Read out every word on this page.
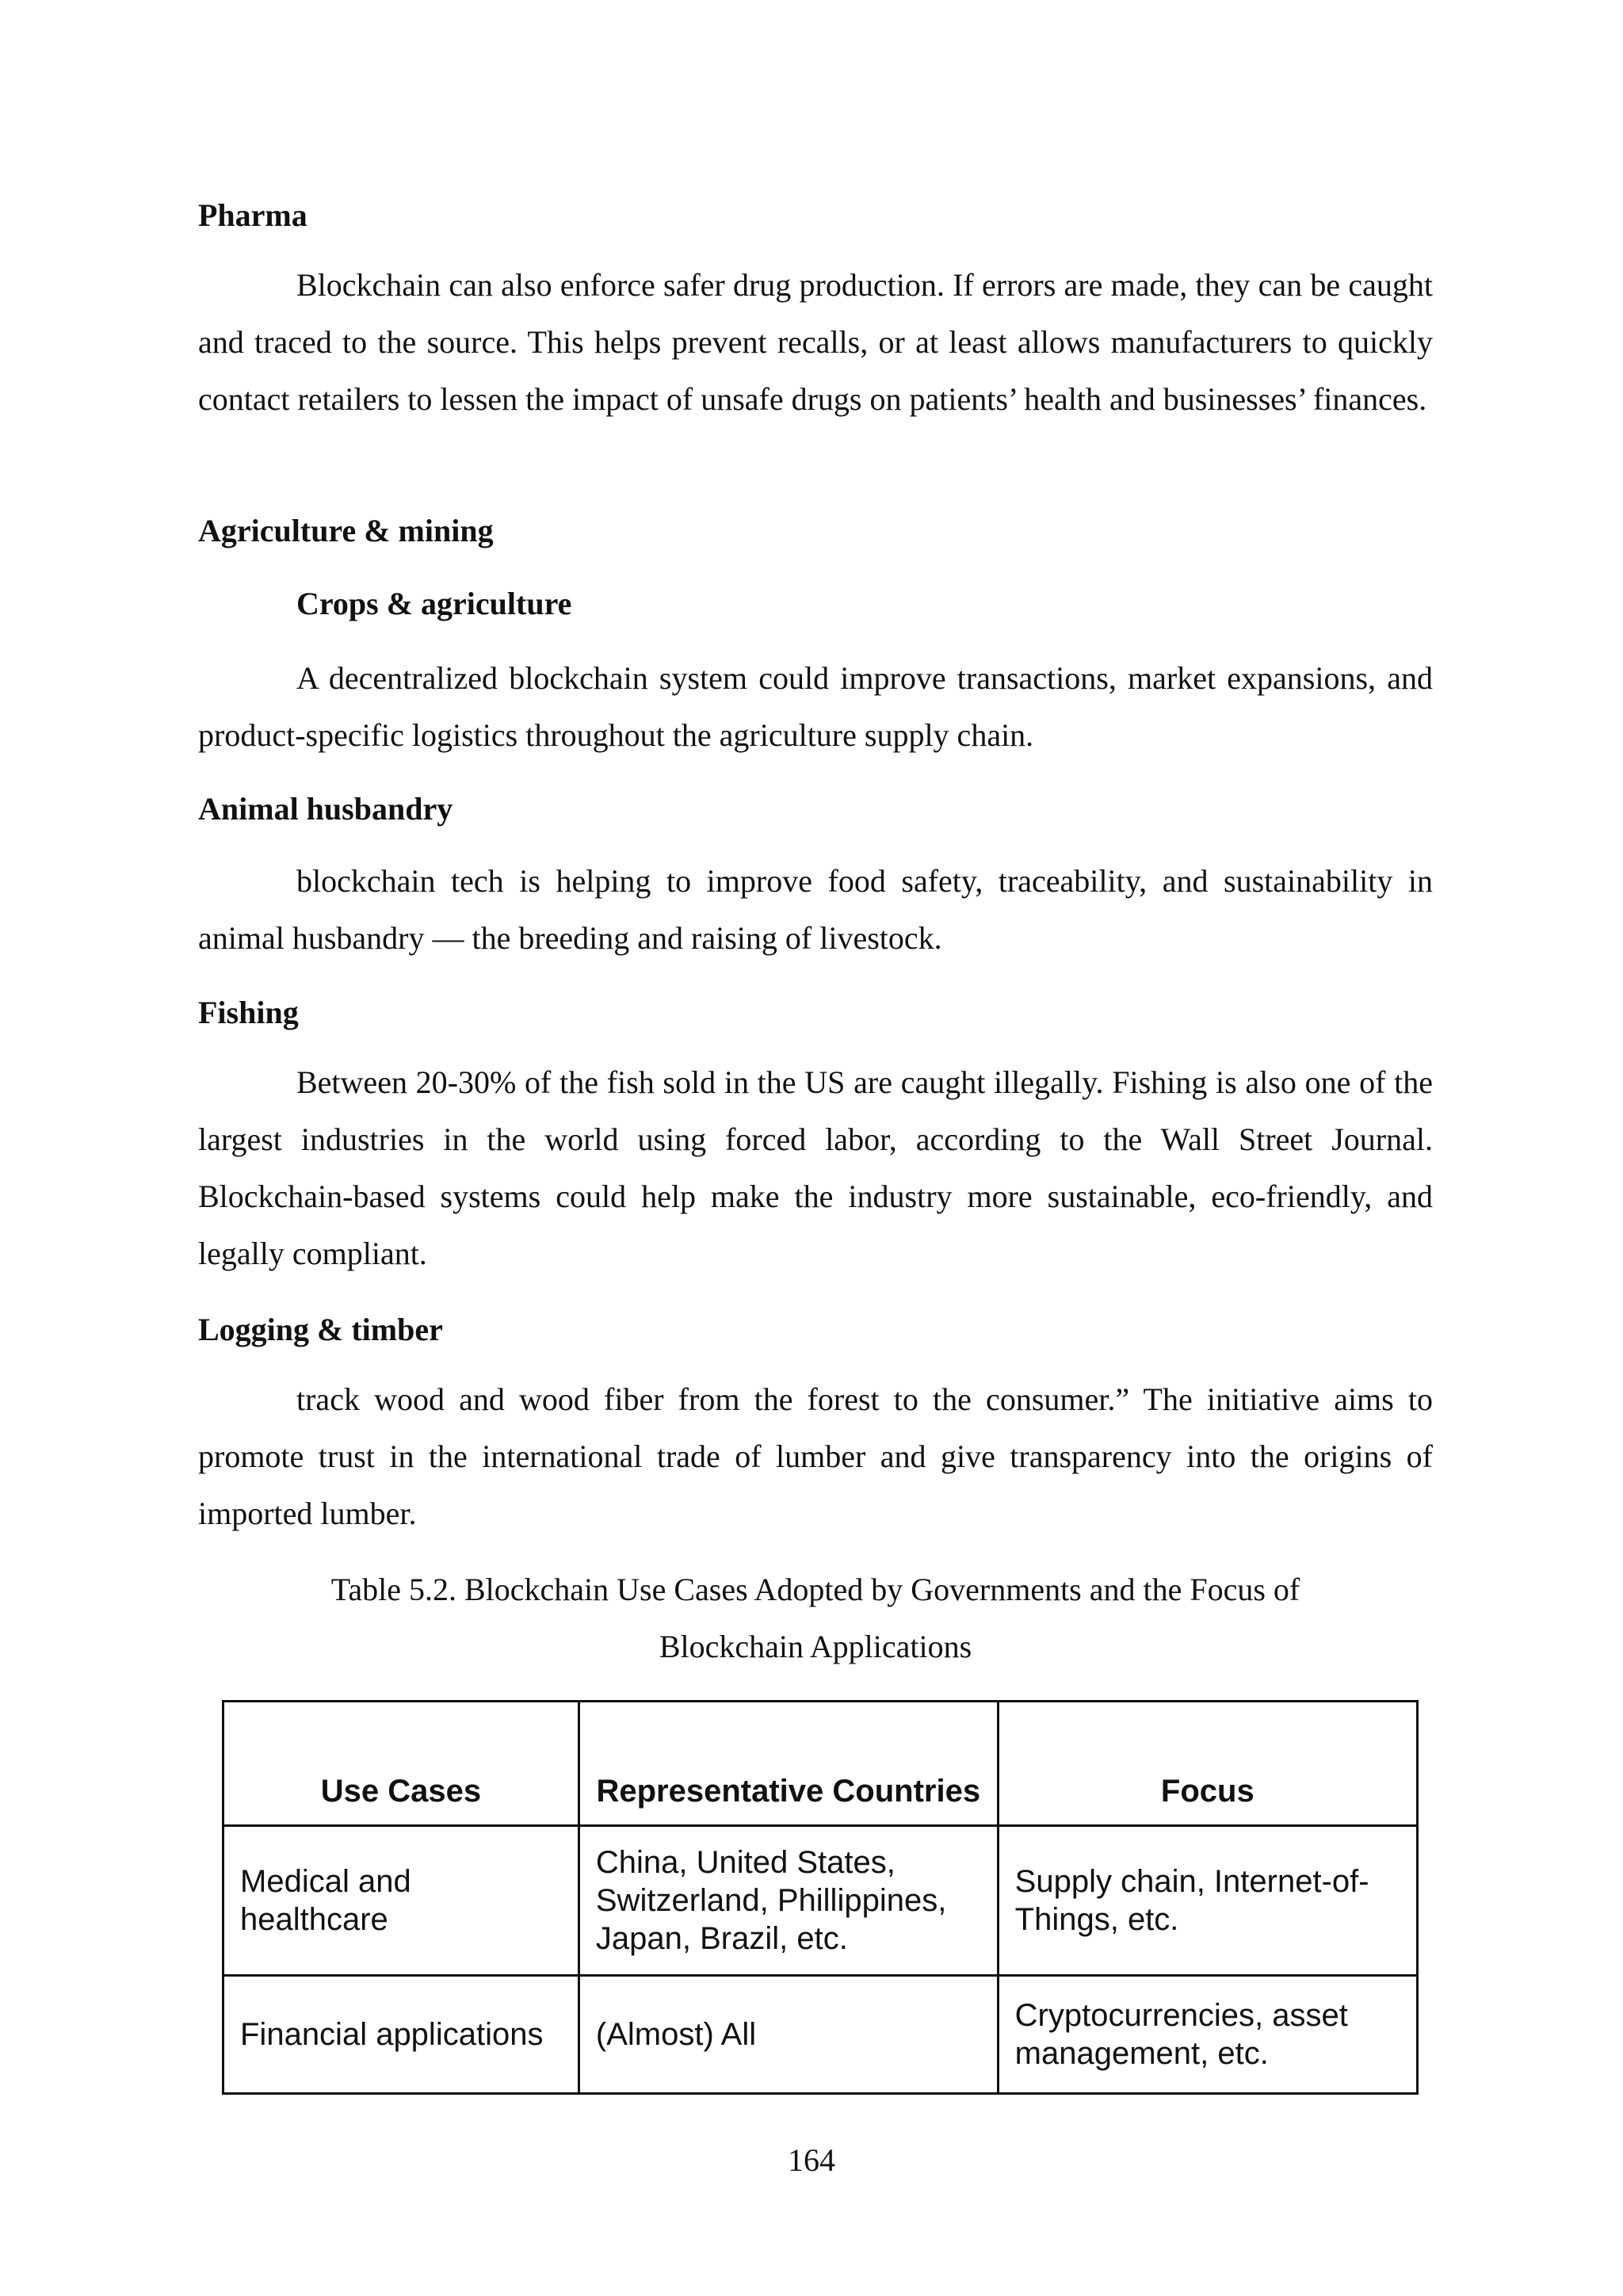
Pharma

Blockchain can also enforce safer drug production. If errors are made, they can be caught and traced to the source. This helps prevent recalls, or at least allows manufacturers to quickly contact retailers to lessen the impact of unsafe drugs on patients’ health and businesses’ finances.

Agriculture & mining
Crops & agriculture

A decentralized blockchain system could improve transactions, market expansions, and product-specific logistics throughout the agriculture supply chain.

Animal husbandry

blockchain tech is helping to improve food safety, traceability, and sustainability in animal husbandry — the breeding and raising of livestock.

Fishing

Between 20-30% of the fish sold in the US are caught illegally. Fishing is also one of the largest industries in the world using forced labor, according to the Wall Street Journal. Blockchain-based systems could help make the industry more sustainable, eco-friendly, and legally compliant.

Logging & timber

track wood and wood fiber from the forest to the consumer.” The initiative aims to promote trust in the international trade of lumber and give transparency into the origins of imported lumber.

Table 5.2. Blockchain Use Cases Adopted by Governments and the Focus of

Blockchain Applications

Use Cases	Representative Countries	Focus
Medical and healthcare	China, United States, Switzerland, Phillippines, Japan, Brazil, etc.	Supply chain, Internet-of-Things, etc.
Financial applications	(Almost) All	Cryptocurrencies, asset management, etc.
164
